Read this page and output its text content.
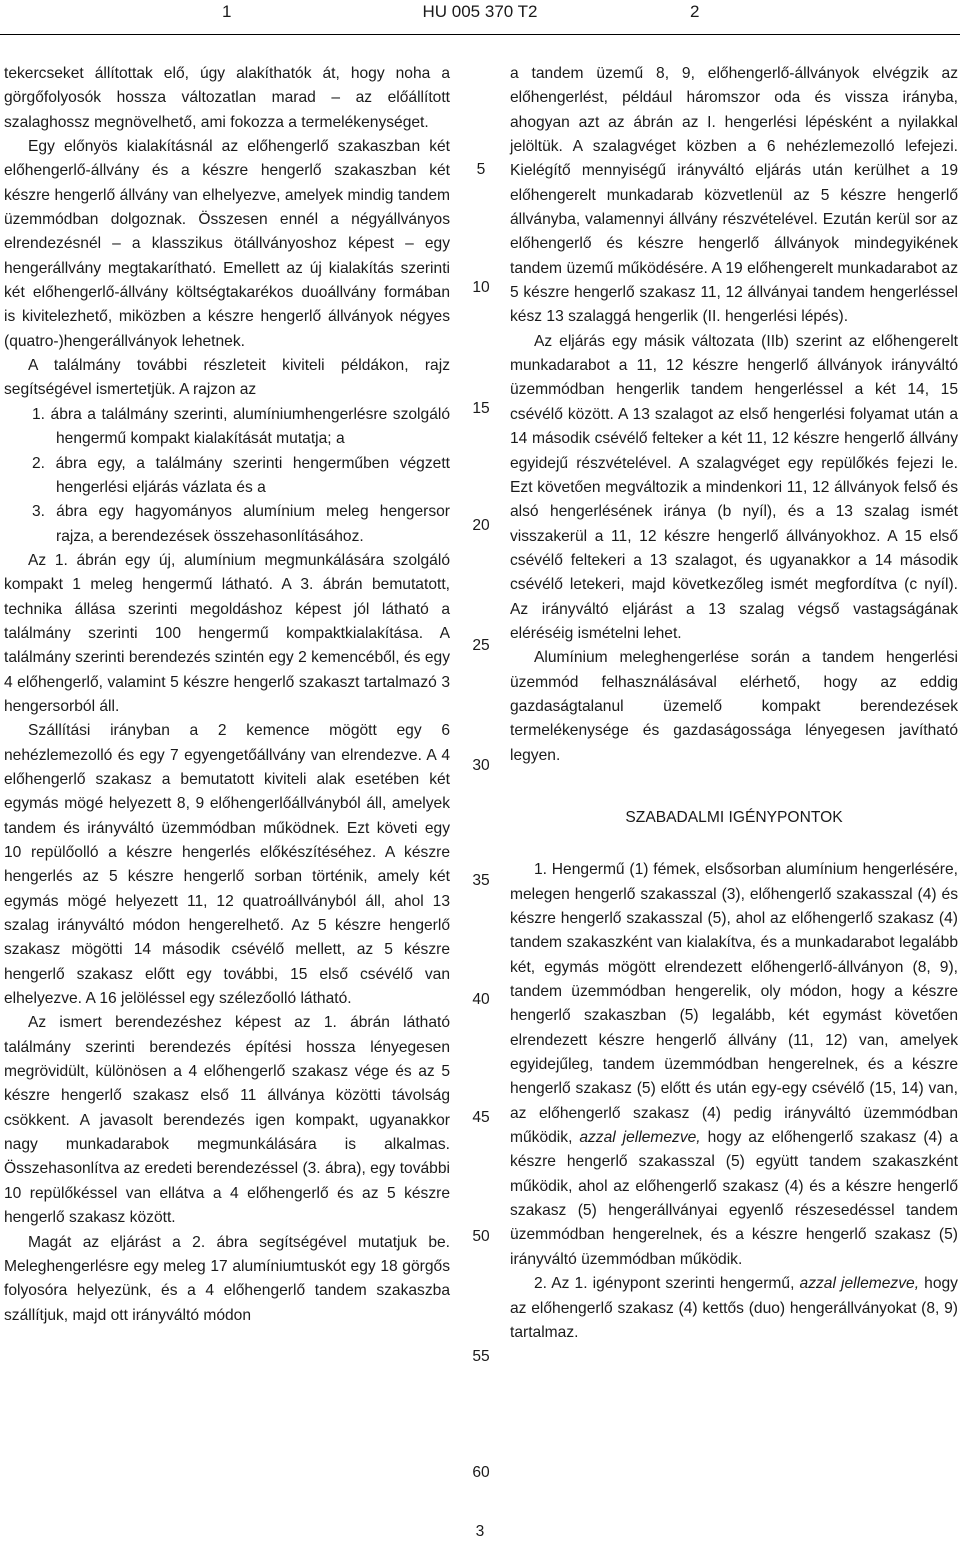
1	HU 005 370 T2	2

tekercseket állítottak elő, úgy alakíthatók át, hogy noha a görgőfolyosók hossza változatlan marad – az előállított szalaghossz megnövelhető, ami fokozza a termelékenységet.

Egy előnyös kialakításnál az előhengerlő szakaszban két előhengerlő-állvány és a készre hengerlő szakaszban két készre hengerlő állvány van elhelyezve, amelyek mindig tandem üzemmódban dolgoznak. Összesen ennél a négyállványos elrendezésnél – a klasszikus ötállványoshoz képest – egy hengerállvány megtakarítható. Emellett az új kialakítás szerinti két előhengerlő-állvány költségtakarékos duoállvány formában is kivitelezhető, miközben a készre hengerlő állványok négyes (quatro-)hengerállványok lehetnek.

A találmány további részleteit kiviteli példákon, rajz segítségével ismertetjük. A rajzon az

1. ábra a találmány szerinti, alumíniumhengerlésre szolgáló hengermű kompakt kialakítását mutatja; a

2. ábra egy, a találmány szerinti hengerműben végzett hengerlési eljárás vázlata és a

3. ábra egy hagyományos alumínium meleg hengersor rajza, a berendezések összehasonlításához.

Az 1. ábrán egy új, alumínium megmunkálására szolgáló kompakt 1 meleg hengermű látható. A 3. ábrán bemutatott, technika állása szerinti megoldáshoz képest jól látható a találmány szerinti 100 hengermű kompaktkialakítása. A találmány szerinti berendezés szintén egy 2 kemencéből, és egy 4 előhengerlő, valamint 5 készre hengerlő szakaszt tartalmazó 3 hengersorból áll.

Szállítási irányban a 2 kemence mögött egy 6 nehézlemezolló és egy 7 egyengetőállvány van elrendezve. A 4 előhengerlő szakasz a bemutatott kiviteli alak esetében két egymás mögé helyezett 8, 9 előhengerlőállványból áll, amelyek tandem és irányváltó üzemmódban működnek. Ezt követi egy 10 repülőolló a készre hengerlés előkészítéséhez. A készre hengerlés az 5 készre hengerlő sorban történik, amely két egymás mögé helyezett 11, 12 quatroállványból áll, ahol 13 szalag irányváltó módon hengerelhető. Az 5 készre hengerlő szakasz mögötti 14 második csévélő mellett, az 5 készre hengerlő szakasz előtt egy további, 15 első csévélő van elhelyezve. A 16 jelöléssel egy szélezőolló látható.

Az ismert berendezéshez képest az 1. ábrán látható találmány szerinti berendezés építési hossza lényegesen megrövidült, különösen a 4 előhengerlő szakasz vége és az 5 készre hengerlő szakasz első 11 állványa közötti távolság csökkent. A javasolt berendezés igen kompakt, ugyanakkor nagy munkadarabok megmunkálására is alkalmas. Összehasonlítva az eredeti berendezéssel (3. ábra), egy további 10 repülőkéssel van ellátva a 4 előhengerlő és az 5 készre hengerlő szakasz között.

Magát az eljárást a 2. ábra segítségével mutatjuk be. Meleghengerlésre egy meleg 17 alumíniumtuskót egy 18 görgős folyosóra helyezünk, és a 4 előhengerlő tandem szakaszba szállítjuk, majd ott irányváltó módon

5
10
15
20
25
30
35
40
45
50
55
60

a tandem üzemű 8, 9, előhengerlő-állványok elvégzik az előhengerlést, például háromszor oda és vissza irányba, ahogyan azt az ábrán az I. hengerlési lépésként a nyilakkal jelöltük. A szalagvéget közben a 6 nehézlemezolló lefejezi. Kielégítő mennyiségű irányváltó eljárás után kerülhet a 19 előhengerelt munkadarab közvetlenül az 5 készre hengerlő állványba, valamennyi állvány részvételével. Ezután kerül sor az előhengerlő és készre hengerlő állványok mindegyikének tandem üzemű működésére. A 19 előhengerelt munkadarabot az 5 készre hengerlő szakasz 11, 12 állványai tandem hengerléssel kész 13 szalaggá hengerlik (II. hengerlési lépés).

Az eljárás egy másik változata (IIb) szerint az előhengerelt munkadarabot a 11, 12 készre hengerlő állványok irányváltó üzemmódban hengerlik tandem hengerléssel a két 14, 15 csévélő között. A 13 szalagot az első hengerlési folyamat után a 14 második csévélő felteker a két 11, 12 készre hengerlő állvány egyidejű részvételével. A szalagvéget egy repülőkés fejezi le. Ezt követően megváltozik a mindenkori 11, 12 állványok felső és alsó hengerlésének iránya (b nyíl), és a 13 szalag ismét visszakerül a 11, 12 készre hengerlő állványokhoz. A 15 első csévélő feltekeri a 13 szalagot, és ugyanakkor a 14 második csévélő letekeri, majd következőleg ismét megfordítva (c nyíl). Az irányváltó eljárást a 13 szalag végső vastagságának eléréséig ismételni lehet.

Alumínium meleghengerlése során a tandem hengerlési üzemmód felhasználásával elérhető, hogy az eddig gazdaságtalanul üzemelő kompakt berendezések termelékenysége és gazdaságossága lényegesen javítható legyen.

SZABADALMI IGÉNYPONTOK

1. Hengermű (1) fémek, elsősorban alumínium hengerlésére, melegen hengerlő szakasszal (3), előhengerlő szakasszal (4) és készre hengerlő szakasszal (5), ahol az előhengerlő szakasz (4) tandem szakaszként van kialakítva, és a munkadarabot legalább két, egymás mögött elrendezett előhengerlő-állványon (8, 9), tandem üzemmódban hengerelik, oly módon, hogy a készre hengerlő szakaszban (5) legalább, két egymást követően elrendezett készre hengerlő állvány (11, 12) van, amelyek egyidejűleg, tandem üzemmódban hengerelnek, és a készre hengerlő szakasz (5) előtt és után egy-egy csévélő (15, 14) van, az előhengerlő szakasz (4) pedig irányváltó üzemmódban működik, azzal jellemezve, hogy az előhengerlő szakasz (4) a készre hengerlő szakasszal (5) együtt tandem szakaszként működik, ahol az előhengerlő szakasz (4) és a készre hengerlő szakasz (5) hengerállványai egyenlő részesedéssel tandem üzemmódban hengerelnek, és a készre hengerlő szakasz (5) irányváltó üzemmódban működik.

2. Az 1. igénypont szerinti hengermű, azzal jellemezve, hogy az előhengerlő szakasz (4) kettős (duo) hengerállványokat (8, 9) tartalmaz.

3
